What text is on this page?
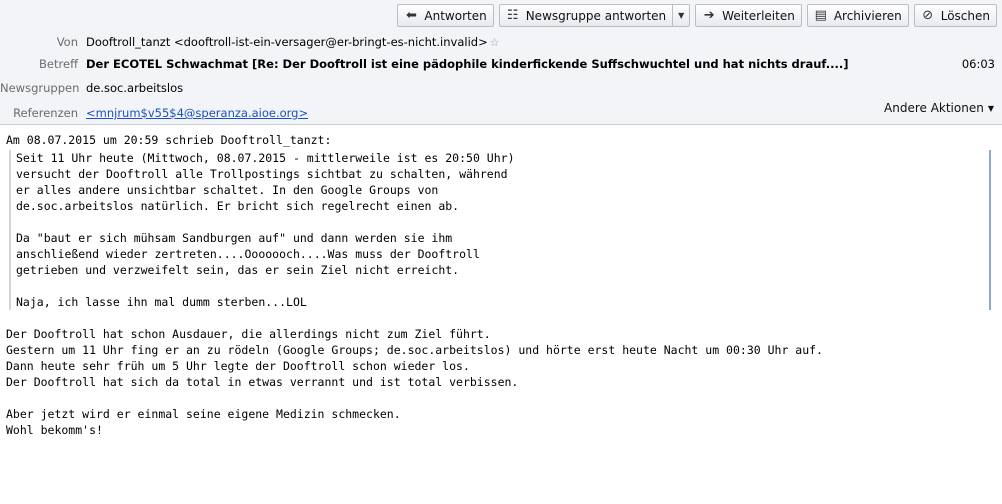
⬅ Antworten ☷ Newsgruppe antworten	▼	➔ Weiterleiten ▤ Archivieren ⊘ Löschen
Von Dooftroll_tanzt <dooftroll-ist-ein-versager@er-bringt-es-nicht.invalid> ☆
Betreff Der ECOTEL Schwachmat [Re: Der Dooftroll ist eine pädophile kinderfickende Suffschwuchtel und hat nichts drauf....]	06:03
Newsgruppen de.soc.arbeitslos
Referenzen <mnjrum$v55$4@speranza.aioe.org>	Andere Aktionen ▼
Am 08.07.2015 um 20:59 schrieb Dooftroll_tanzt:
Seit 11 Uhr heute (Mittwoch, 08.07.2015 - mittlerweile ist es 20:50 Uhr)
versucht der Dooftroll alle Trollpostings sichtbat zu schalten, während
er alles andere unsichtbar schaltet. In den Google Groups von
de.soc.arbeitslos natürlich. Er bricht sich regelrecht einen ab.
Da "baut er sich mühsam Sandburgen auf" und dann werden sie ihm
anschließend wieder zertreten....Ooooooch....Was muss der Dooftroll
getrieben und verzweifelt sein, das er sein Ziel nicht erreicht.
Naja, ich lasse ihn mal dumm sterben...LOL
Der Dooftroll hat schon Ausdauer, die allerdings nicht zum Ziel führt.
Gestern um 11 Uhr fing er an zu rödeln (Google Groups; de.soc.arbeitslos) und hörte erst heute Nacht um 00:30 Uhr auf.
Dann heute sehr früh um 5 Uhr legte der Dooftroll schon wieder los.
Der Dooftroll hat sich da total in etwas verrannt und ist total verbissen.
Aber jetzt wird er einmal seine eigene Medizin schmecken.
Wohl bekomm's!
